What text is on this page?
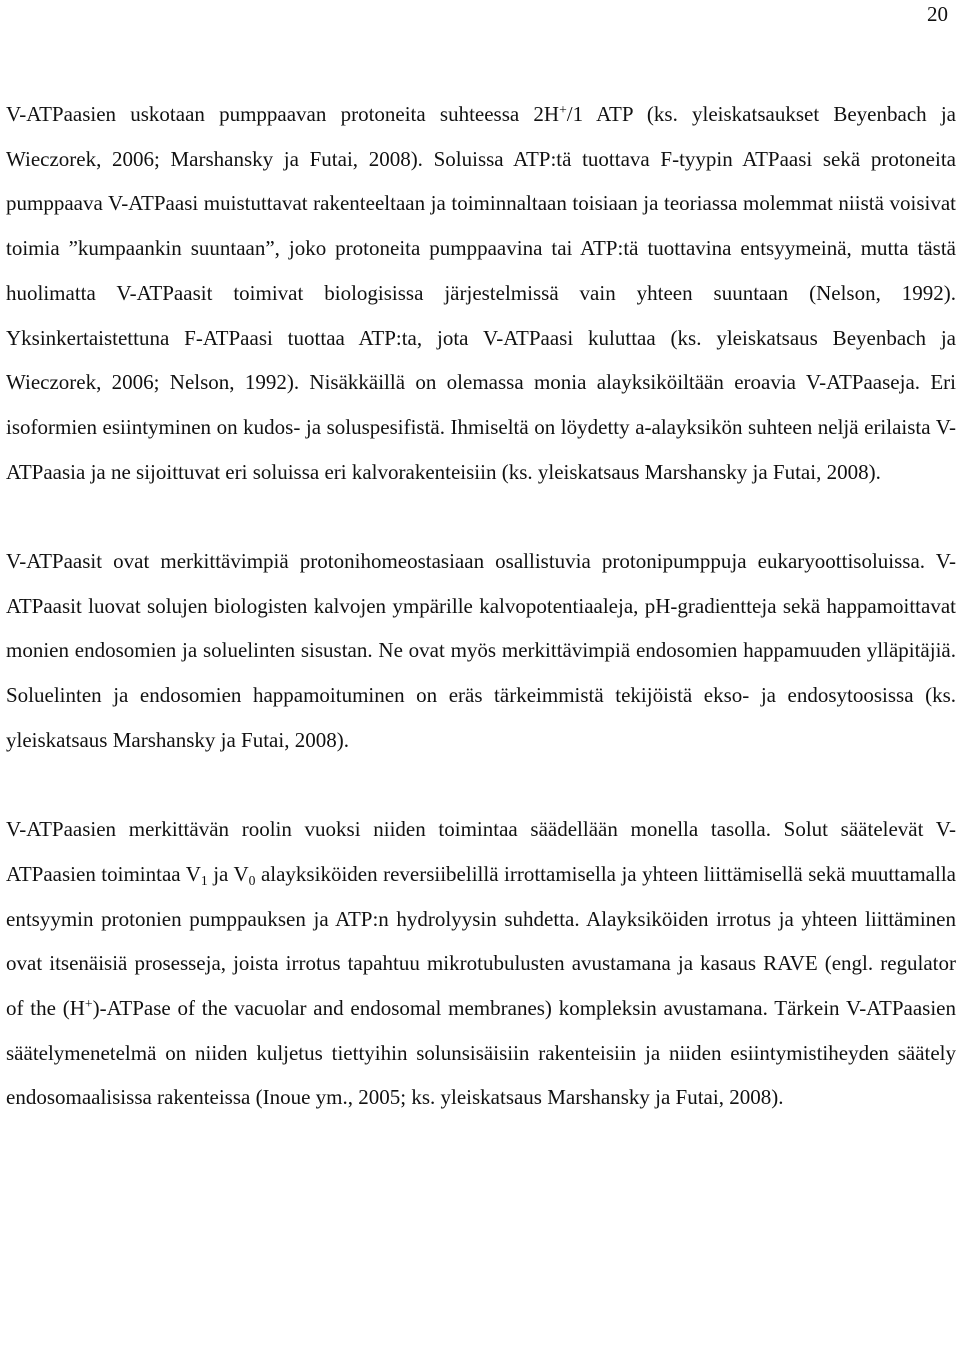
20

V-ATPaasien uskotaan pumppaavan protoneita suhteessa 2H+/1 ATP (ks. yleiskatsaukset Beyenbach ja Wieczorek, 2006; Marshansky ja Futai, 2008). Soluissa ATP:tä tuottava F-tyypin ATPaasi sekä protoneita pumppaava V-ATPaasi muistuttavat rakenteeltaan ja toiminnaltaan toisiaan ja teoriassa molemmat niistä voisivat toimia ”kumpaankin suuntaan”, joko protoneita pumppaavina tai ATP:tä tuottavina entsyymeinä, mutta tästä huolimatta V-ATPaasit toimivat biologisissa järjestelmissä vain yhteen suuntaan (Nelson, 1992). Yksinkertaistettuna F-ATPaasi tuottaa ATP:ta, jota V-ATPaasi kuluttaa (ks. yleiskatsaus Beyenbach ja Wieczorek, 2006; Nelson, 1992). Nisäkkäillä on olemassa monia alayksiköiltään eroavia V-ATPaaseja. Eri isoformien esiintyminen on kudos- ja soluspesifistä. Ihmiseltä on löydetty a-alayksikön suhteen neljä erilaista V-ATPaasia ja ne sijoittuvat eri soluissa eri kalvorakenteisiin (ks. yleiskatsaus Marshansky ja Futai, 2008).

V-ATPaasit ovat merkittävimpiä protonihomeostasiaan osallistuvia protonipumppuja eukaryoottisoluissa. V-ATPaasit luovat solujen biologisten kalvojen ympärille kalvopotentiaaleja, pH-gradientteja sekä happamoittavat monien endosomien ja soluelinten sisustan. Ne ovat myös merkittävimpiä endosomien happamuuden ylläpitäjiä. Soluelinten ja endosomien happamoituminen on eräs tärkeimmistä tekijöistä ekso- ja endosytoosissa (ks. yleiskatsaus Marshansky ja Futai, 2008).

V-ATPaasien merkittävän roolin vuoksi niiden toimintaa säädellään monella tasolla. Solut säätelevät V-ATPaasien toimintaa $V_1$ ja $V_0$ alayksiköiden reversiibelillä irrottamisella ja yhteen liittämisellä sekä muuttamalla entsyymin protonien pumppauksen ja ATP:n hydrolyysin suhdetta. Alayksiköiden irrotus ja yhteen liittäminen ovat itsenäisiä prosesseja, joista irrotus tapahtuu mikrotubulusten avustamana ja kasaus RAVE (engl. regulator of the (H+)-ATPase of the vacuolar and endosomal membranes) kompleksin avustamana. Tärkein V-ATPaasien säätelymenetelmä on niiden kuljetus tiettyihin solunsisäisiin rakenteisiin ja niiden esiintymistiheyden säätely endosomaalisissa rakenteissa (Inoue ym., 2005; ks. yleiskatsaus Marshansky ja Futai, 2008).
